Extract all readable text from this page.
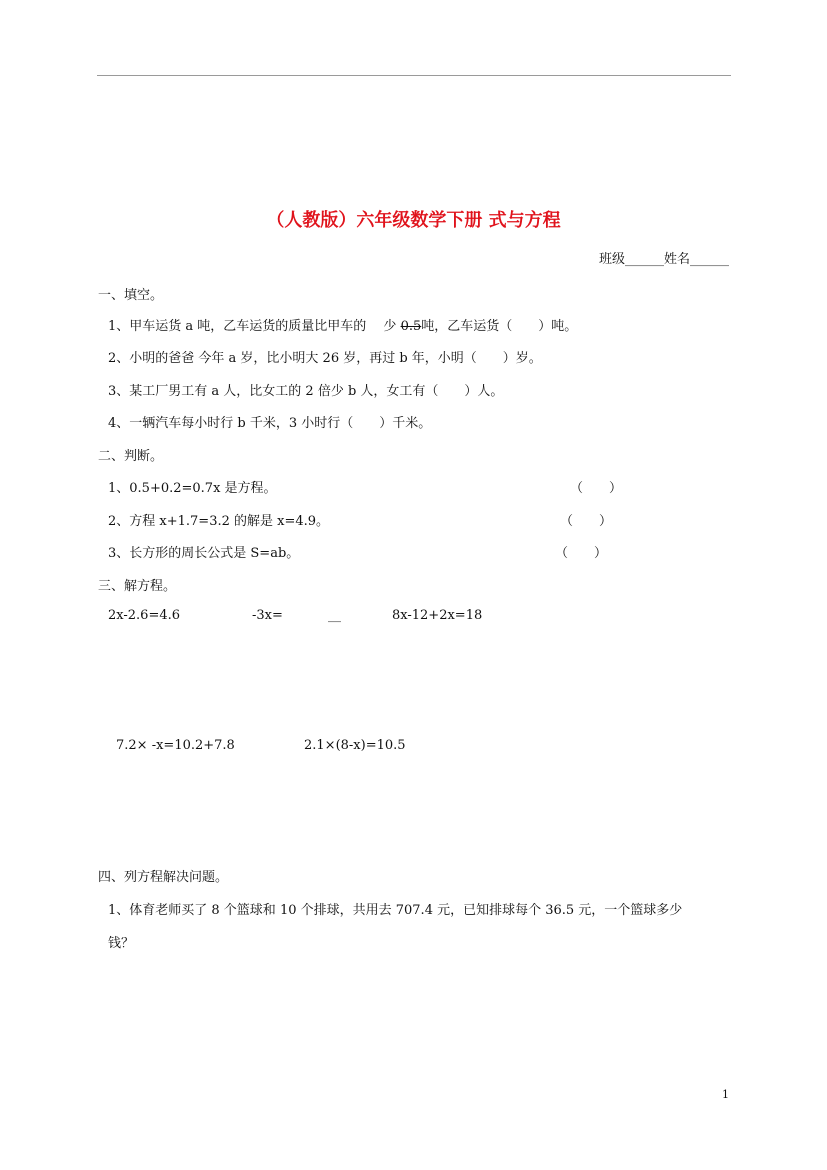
（人教版）六年级数学下册 式与方程
班级______姓名______
一、填空。
1、甲车运货 a 吨，乙车运货的质量比甲车的　 少 0.5吨，乙车运货（　　）吨。
2、小明的爸爸 今年 a 岁，比小明大 26 岁，再过 b 年，小明（　　）岁。
3、某工厂男工有 a 人，比女工的 2 倍少 b 人，女工有（　　）人。
4、一辆汽车每小时行 b 千米，3 小时行（　　）千米。
二、判断。
1、0.5+0.2=0.7x 是方程。	（　　）
2、方程 x+1.7=3.2 的解是 x=4.9。	（　　）
3、长方形的周长公式是 S=ab。	（　　）
三、解方程。
2x-2.6=4.6	-3x=	__	8x-12+2x=18
7.2× -x=10.2+7.8	2.1×(8-x)=10.5
四、列方程解决问题。
1、体育老师买了 8 个篮球和 10 个排球，共用去 707.4 元，已知排球每个 36.5 元，一个篮球多少
钱？
1
